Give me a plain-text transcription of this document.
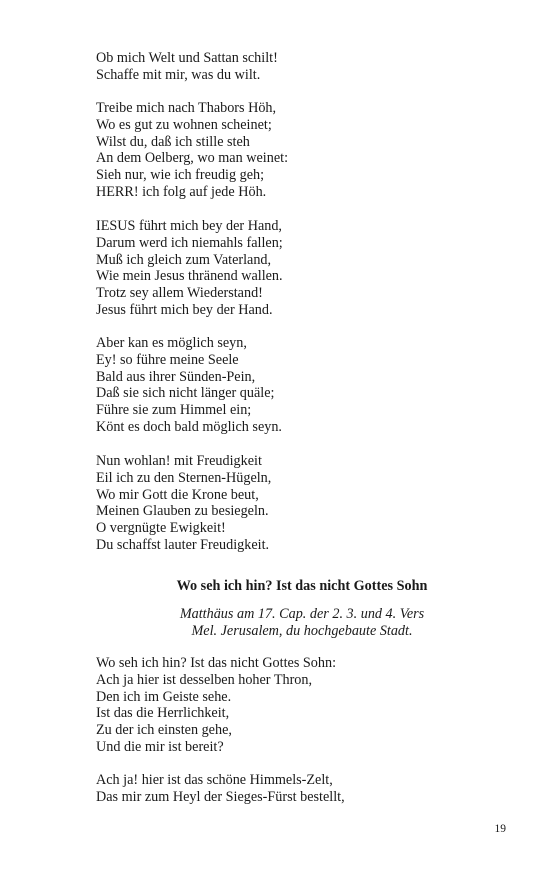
Ob mich Welt und Sattan schilt!
Schaffe mit mir, was du wilt.
Treibe mich nach Thabors Höh,
Wo es gut zu wohnen scheinet;
Wilst du, daß ich stille steh
An dem Oelberg, wo man weinet:
Sieh nur, wie ich freudig geh;
HERR! ich folg auf jede Höh.
IESUS führt mich bey der Hand,
Darum werd ich niemahls fallen;
Muß ich gleich zum Vaterland,
Wie mein Jesus thränend wallen.
Trotz sey allem Wiederstand!
Jesus führt mich bey der Hand.
Aber kan es möglich seyn,
Ey! so führe meine Seele
Bald aus ihrer Sünden-Pein,
Daß sie sich nicht länger quäle;
Führe sie zum Himmel ein;
Könt es doch bald möglich seyn.
Nun wohlan! mit Freudigkeit
Eil ich zu den Sternen-Hügeln,
Wo mir Gott die Krone beut,
Meinen Glauben zu besiegeln.
O vergnügte Ewigkeit!
Du schaffst lauter Freudigkeit.
Wo seh ich hin? Ist das nicht Gottes Sohn

Matthäus am 17. Cap. der 2. 3. und 4. Vers

Mel. Jerusalem, du hochgebaute Stadt.

Wo seh ich hin? Ist das nicht Gottes Sohn:
Ach ja hier ist desselben hoher Thron,
Den ich im Geiste sehe.
Ist das die Herrlichkeit,
Zu der ich einsten gehe,
Und die mir ist bereit?
Ach ja! hier ist das schöne Himmels-Zelt,
Das mir zum Heyl der Sieges-Fürst bestellt,
19
